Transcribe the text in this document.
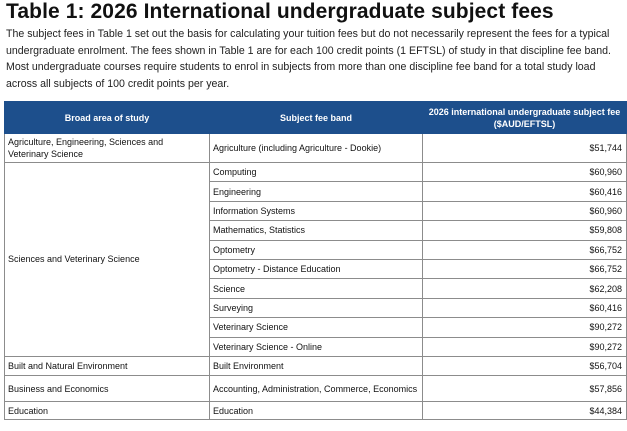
Table 1: 2026 International undergraduate subject fees
The subject fees in Table 1 set out the basis for calculating your tuition fees but do not necessarily represent the fees for a typical
undergraduate enrolment. The fees shown in Table 1 are for each 100 credit points (1 EFTSL) of study in that discipline fee band.
Most undergraduate courses require students to enrol in subjects from more than one discipline fee band for a total study load
across all subjects of 100 credit points per year.
Broad area of study	Subject fee band	2026 international undergraduate subject fee ($AUD/EFTSL)
Agriculture, Engineering, Sciences and Veterinary Science	Agriculture (including Agriculture - Dookie)	$51,744
Sciences and Veterinary Science	Computing	$60,960
	Engineering	$60,416
	Information Systems	$60,960
	Mathematics, Statistics	$59,808
	Optometry	$66,752
	Optometry - Distance Education	$66,752
	Science	$62,208
	Surveying	$60,416
	Veterinary Science	$90,272
	Veterinary Science - Online	$90,272
Built and Natural Environment	Built Environment	$56,704
Business and Economics	Accounting, Administration, Commerce, Economics	$57,856
Education	Education	$44,384
